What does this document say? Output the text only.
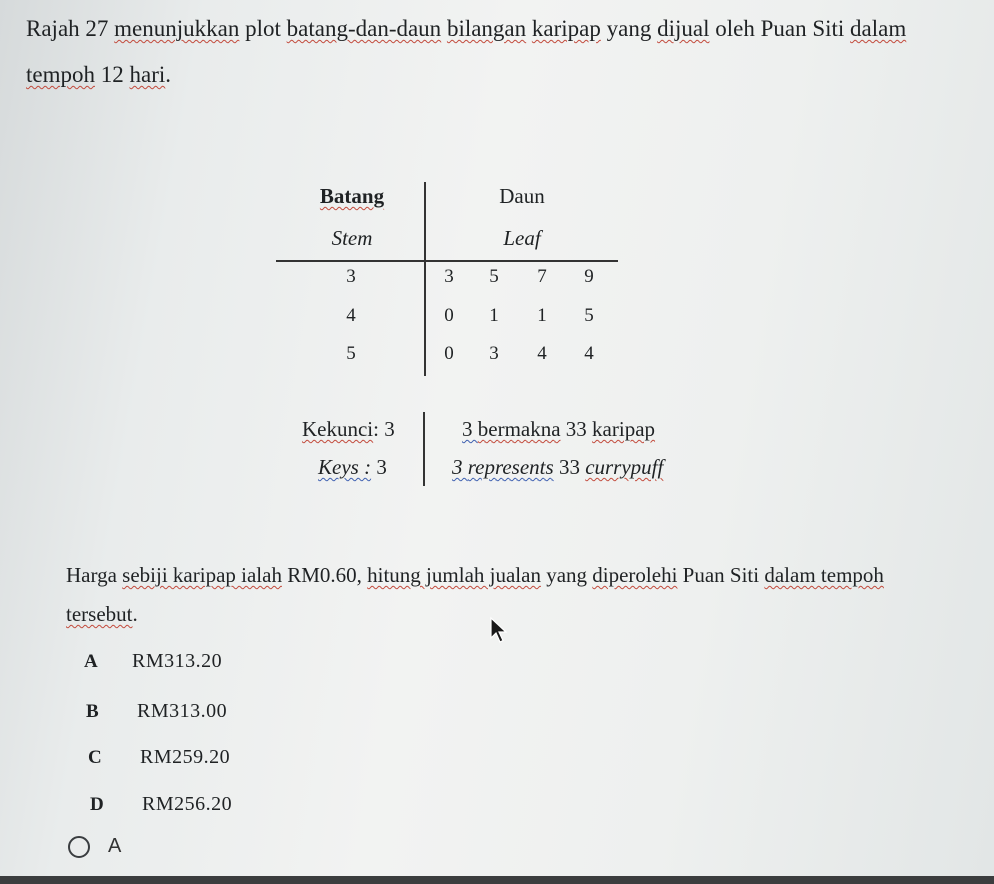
Rajah 27 menunjukkan plot batang-dan-daun bilangan karipap yang dijual oleh Puan Siti dalam
tempoh 12 hari.
Batang
Stem
Daun
Leaf
3	3	5	7	9
4	0	1	1	5
5	0	3	4	4
Kekunci: 3
Keys : 3
3 bermakna 33 karipap
3 represents 33 currypuff
Harga sebiji karipap ialah RM0.60, hitung jumlah jualan yang diperolehi Puan Siti dalam tempoh
tersebut.
A RM313.20
B RM313.00
C RM259.20
D RM256.20
A
